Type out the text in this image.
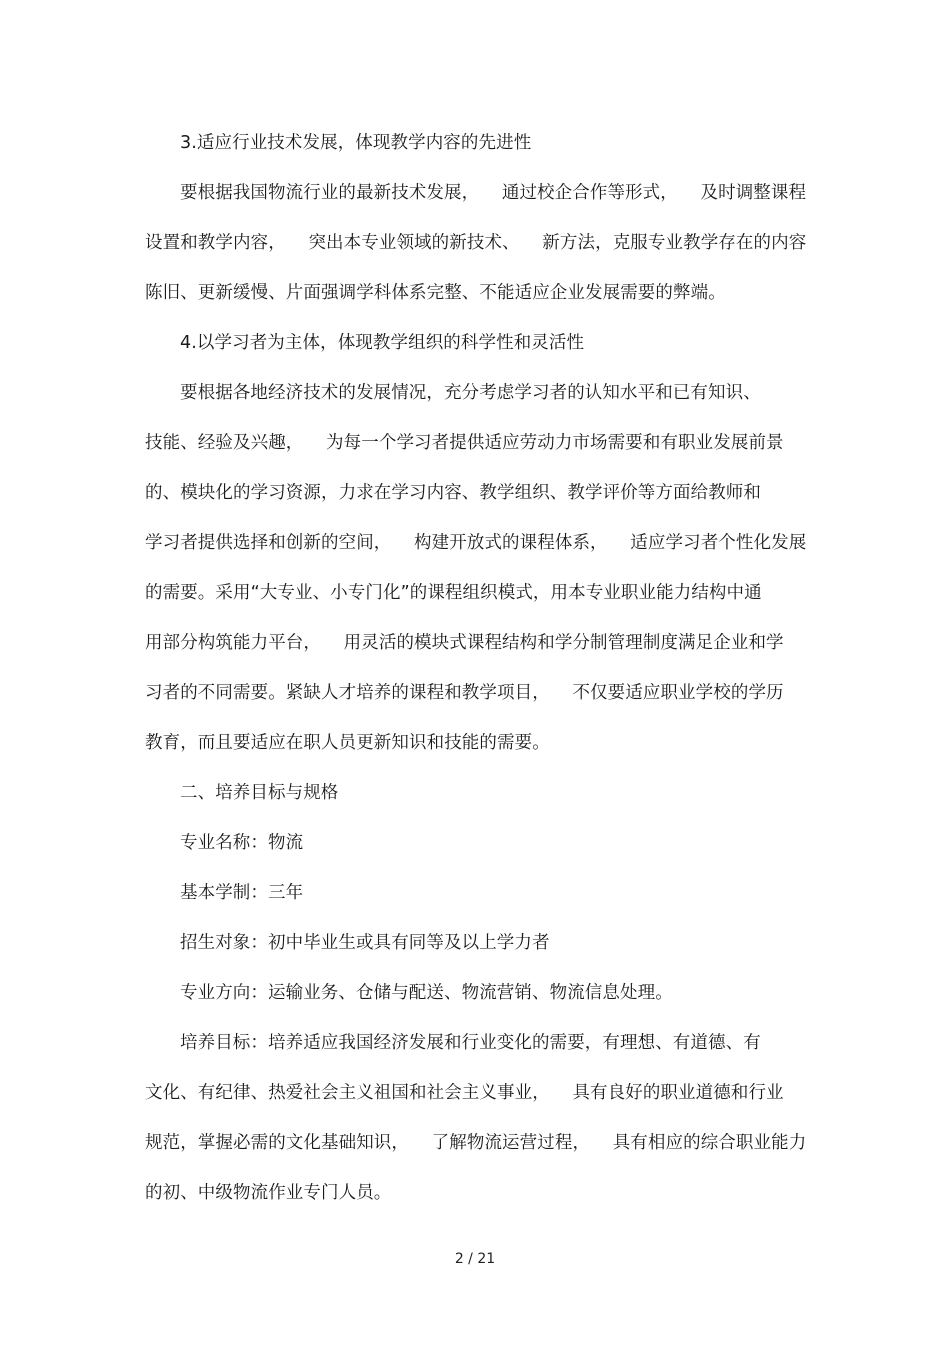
3.适应行业技术发展，体现教学内容的先进性
要根据我国物流行业的最新技术发展，    通过校企合作等形式，    及时调整课程
设置和教学内容，    突出本专业领域的新技术、    新方法，克服专业教学存在的内容
陈旧、更新缓慢、片面强调学科体系完整、不能适应企业发展需要的弊端。
4.以学习者为主体，体现教学组织的科学性和灵活性
要根据各地经济技术的发展情况，充分考虑学习者的认知水平和已有知识、
技能、经验及兴趣，    为每一个学习者提供适应劳动力市场需要和有职业发展前景
的、模块化的学习资源，力求在学习内容、教学组织、教学评价等方面给教师和
学习者提供选择和创新的空间，    构建开放式的课程体系，    适应学习者个性化发展
的需要。采用“大专业、小专门化”的课程组织模式，用本专业职业能力结构中通
用部分构筑能力平台，    用灵活的模块式课程结构和学分制管理制度满足企业和学
习者的不同需要。紧缺人才培养的课程和教学项目，    不仅要适应职业学校的学历
教育，而且要适应在职人员更新知识和技能的需要。
二、培养目标与规格
专业名称：物流
基本学制：三年
招生对象：初中毕业生或具有同等及以上学力者
专业方向：运输业务、仓储与配送、物流营销、物流信息处理。
培养目标：培养适应我国经济发展和行业变化的需要，有理想、有道德、有
文化、有纪律、热爱社会主义祖国和社会主义事业，    具有良好的职业道德和行业
规范，掌握必需的文化基础知识，    了解物流运营过程，    具有相应的综合职业能力
的初、中级物流作业专门人员。
2 / 21
